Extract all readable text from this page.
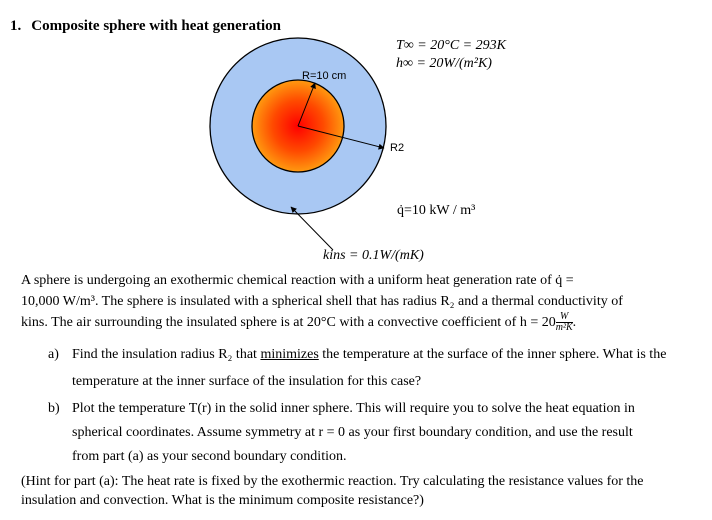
1. Composite sphere with heat generation
R=10 cm
R2
T∞ = 20°C = 293K
h∞ = 20W/(m²K)
q̇=10 kW / m³
kins = 0.1W/(mK)
A sphere is undergoing an exothermic chemical reaction with a uniform heat generation rate of q̇ =
10,000 W/m³. The sphere is insulated with a spherical shell that has radius R₂ and a thermal conductivity of
kins. The air surrounding the insulated sphere is at 20°C with a convective coefficient of $h = 20 \frac{W}{\text{m²K}}$ .
a) Find the insulation radius R₂ that minimizes the temperature at the surface of the inner sphere. What is the
temperature at the inner surface of the insulation for this case?
b) Plot the temperature T(r) in the solid inner sphere. This will require you to solve the heat equation in
spherical coordinates. Assume symmetry at r = 0 as your first boundary condition, and use the result
from part (a) as your second boundary condition.
(Hint for part (a): The heat rate is fixed by the exothermic reaction. Try calculating the resistance values for the
insulation and convection. What is the minimum composite resistance?)
